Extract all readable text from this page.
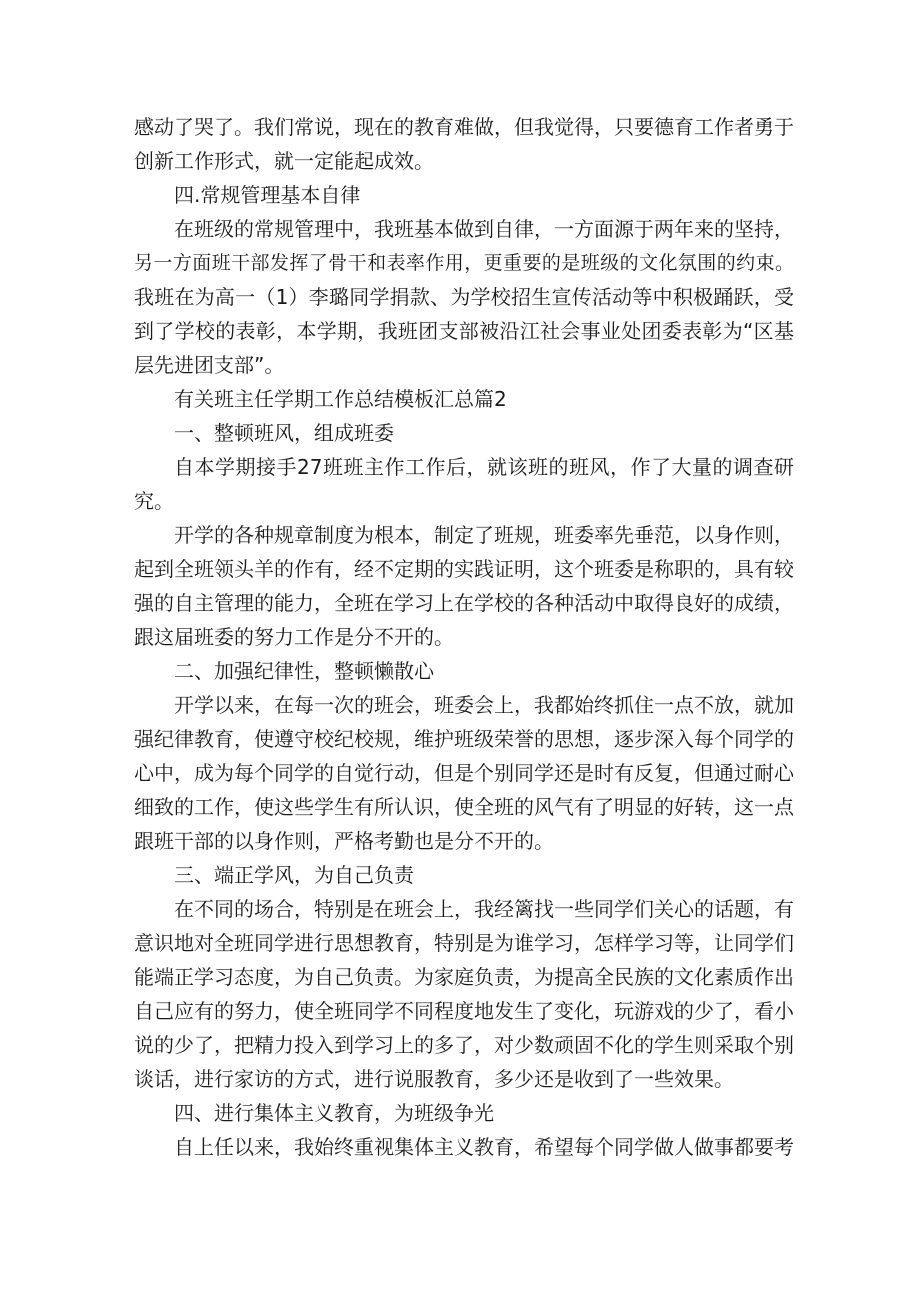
感动了哭了。我们常说，现在的教育难做，但我觉得，只要德育工作者勇于
创新工作形式，就一定能起成效。
四.常规管理基本自律
在班级的常规管理中，我班基本做到自律，一方面源于两年来的坚持，
另一方面班干部发挥了骨干和表率作用，更重要的是班级的文化氛围的约束。
我班在为高一（1）李璐同学捐款、为学校招生宣传活动等中积极踊跃，受
到了学校的表彰，本学期，我班团支部被沿江社会事业处团委表彰为“区基
层先进团支部”。
有关班主任学期工作总结模板汇总篇2
一、整顿班风，组成班委
自本学期接手27班班主作工作后，就该班的班风，作了大量的调查研
究。
开学的各种规章制度为根本，制定了班规，班委率先垂范，以身作则，
起到全班领头羊的作有，经不定期的实践证明，这个班委是称职的，具有较
强的自主管理的能力，全班在学习上在学校的各种活动中取得良好的成绩，
跟这届班委的努力工作是分不开的。
二、加强纪律性，整顿懒散心
开学以来，在每一次的班会，班委会上，我都始终抓住一点不放，就加
强纪律教育，使遵守校纪校规，维护班级荣誉的思想，逐步深入每个同学的
心中，成为每个同学的自觉行动，但是个别同学还是时有反复，但通过耐心
细致的工作，使这些学生有所认识，使全班的风气有了明显的好转，这一点
跟班干部的以身作则，严格考勤也是分不开的。
三、端正学风，为自己负责
在不同的场合，特别是在班会上，我经篱找一些同学们关心的话题，有
意识地对全班同学进行思想教育，特别是为谁学习，怎样学习等，让同学们
能端正学习态度，为自己负责。为家庭负责，为提高全民族的文化素质作出
自己应有的努力，使全班同学不同程度地发生了变化，玩游戏的少了，看小
说的少了，把精力投入到学习上的多了，对少数顽固不化的学生则采取个别
谈话，进行家访的方式，进行说服教育，多少还是收到了一些效果。
四、进行集体主义教育，为班级争光
自上任以来，我始终重视集体主义教育，希望每个同学做人做事都要考
